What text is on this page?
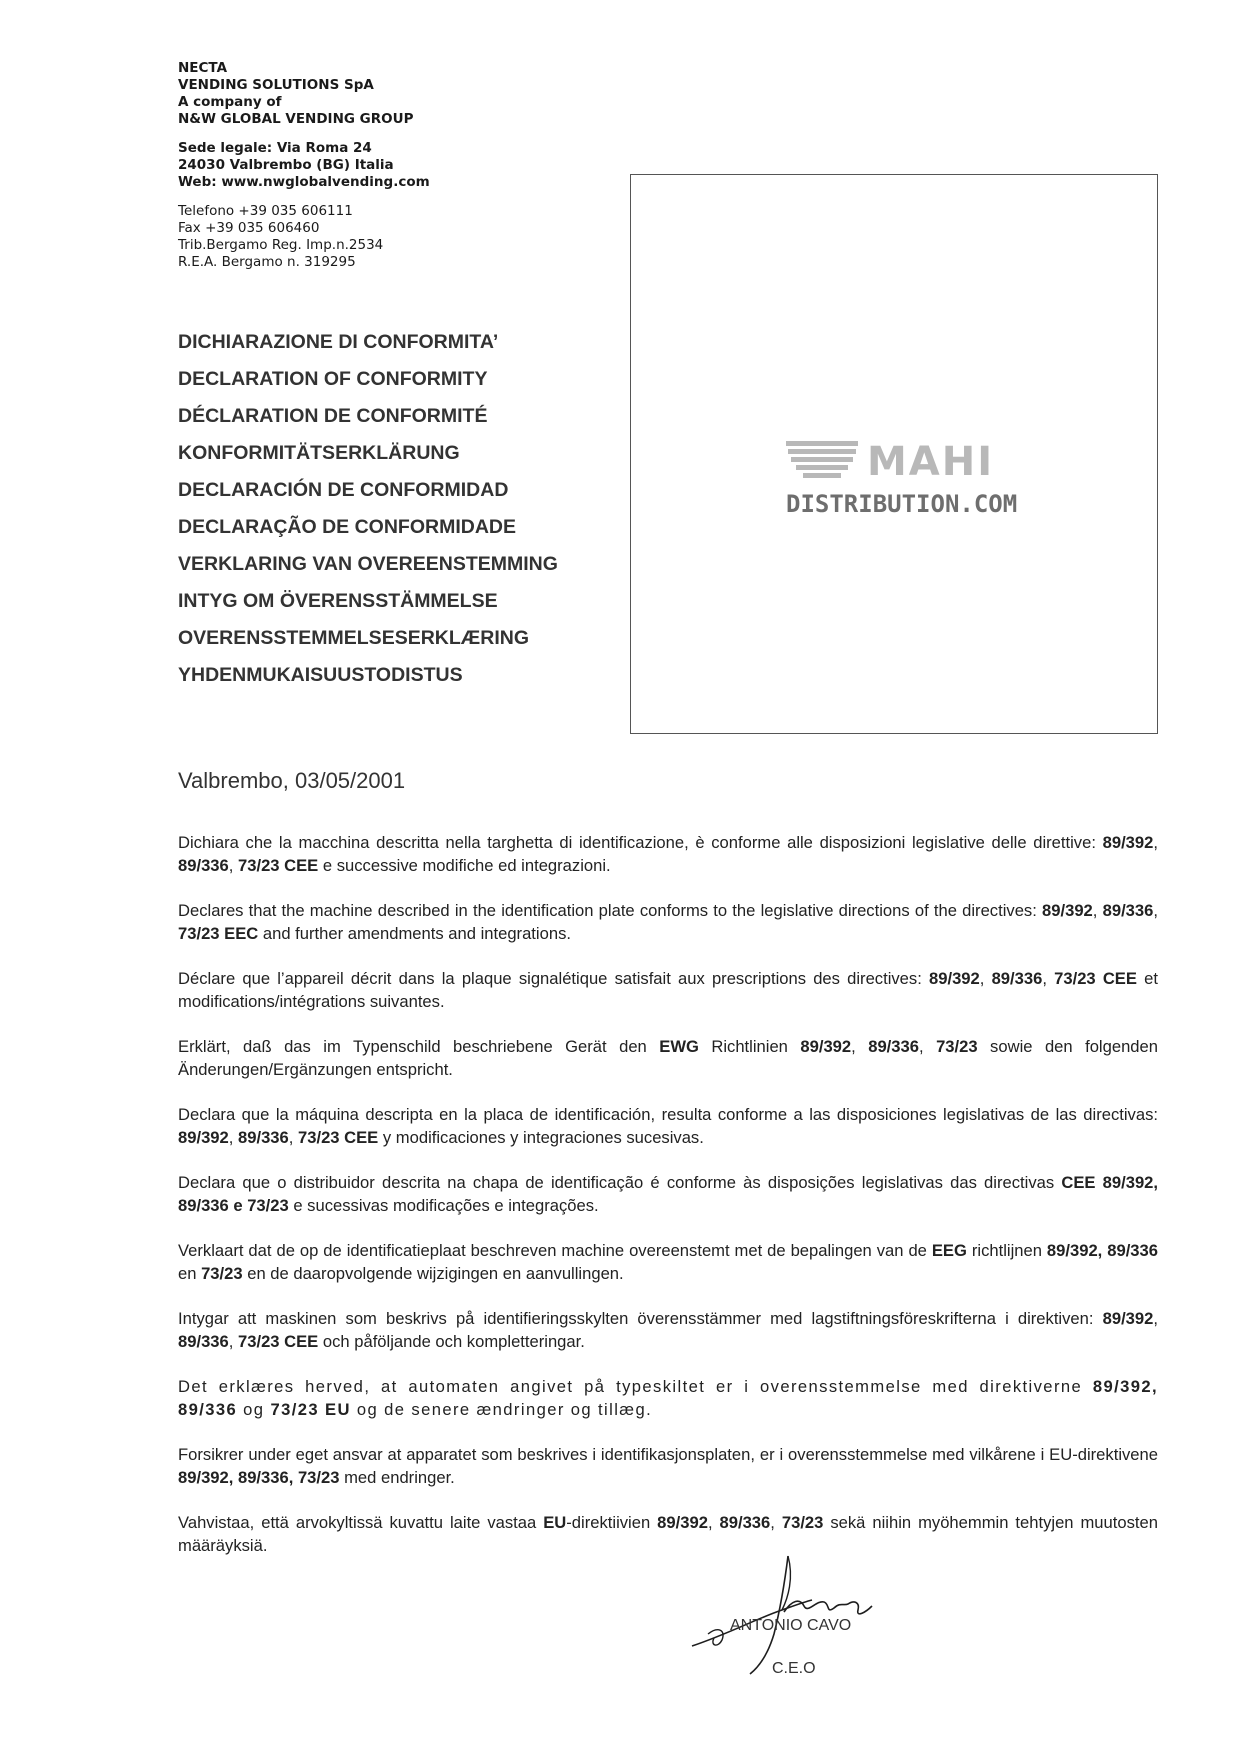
NECTA
VENDING SOLUTIONS SpA
A company of
N&W GLOBAL VENDING GROUP
Sede legale: Via Roma 24
24030 Valbrembo (BG) Italia
Web: www.nwglobalvending.com
Telefono +39 035 606111
Fax +39 035 606460
Trib.Bergamo Reg. Imp.n.2534
R.E.A. Bergamo n. 319295
DICHIARAZIONE DI CONFORMITA’
DECLARATION OF CONFORMITY
DÉCLARATION DE CONFORMITÉ
KONFORMITÄTSERKLÄRUNG
DECLARACIÓN DE CONFORMIDAD
DECLARAÇÃO DE CONFORMIDADE
VERKLARING VAN OVEREENSTEMMING
INTYG OM ÖVERENSSTÄMMELSE
OVERENSSTEMMELSESERKLÆRING
YHDENMUKAISUUSTODISTUS
MAHI
DISTRIBUTION.COM
Valbrembo, 03/05/2001

Dichiara che la macchina descritta nella targhetta di identificazione, è conforme alle disposizioni legislative delle direttive: 89/392, 89/336, 73/23 CEE e successive modifiche ed integrazioni.

Declares that the machine described in the identification plate conforms to the legislative directions of the directives: 89/392, 89/336, 73/23 EEC and further amendments and integrations.

Déclare que l’appareil décrit dans la plaque signalétique satisfait aux prescriptions des directives: 89/392, 89/336, 73/23 CEE et modifications/intégrations suivantes.

Erklärt, daß das im Typenschild beschriebene Gerät den EWG Richtlinien 89/392, 89/336, 73/23 sowie den folgenden Änderungen/Ergänzungen entspricht.

Declara que la máquina descripta en la placa de identificación, resulta conforme a las disposiciones legislativas de las directivas: 89/392, 89/336, 73/23 CEE y modificaciones y integraciones sucesivas.

Declara que o distribuidor descrita na chapa de identificação é conforme às disposições legislativas das directivas CEE 89/392, 89/336 e 73/23 e sucessivas modificações e integrações.

Verklaart dat de op de identificatieplaat beschreven machine overeenstemt met de bepalingen van de EEG richtlijnen 89/392, 89/336 en 73/23 en de daaropvolgende wijzigingen en aanvullingen.

Intygar att maskinen som beskrivs på identifieringsskylten överensstämmer med lagstiftningsföreskrifterna i direktiven: 89/392, 89/336, 73/23 CEE och påföljande och kompletteringar.

Det erklæres herved, at automaten angivet på typeskiltet er i overensstemmelse med direktiverne 89/392, 89/336 og 73/23 EU og de senere ændringer og tillæg.

Forsikrer under eget ansvar at apparatet som beskrives i identifikasjonsplaten, er i overensstemmelse med vilkårene i EU-direktivene 89/392, 89/336, 73/23 med endringer.

Vahvistaa, että arvokyltissä kuvattu laite vastaa EU-direktiivien 89/392, 89/336, 73/23 sekä niihin myöhemmin tehtyjen muutosten määräyksiä.

ANTONIO CAVO
C.E.O
